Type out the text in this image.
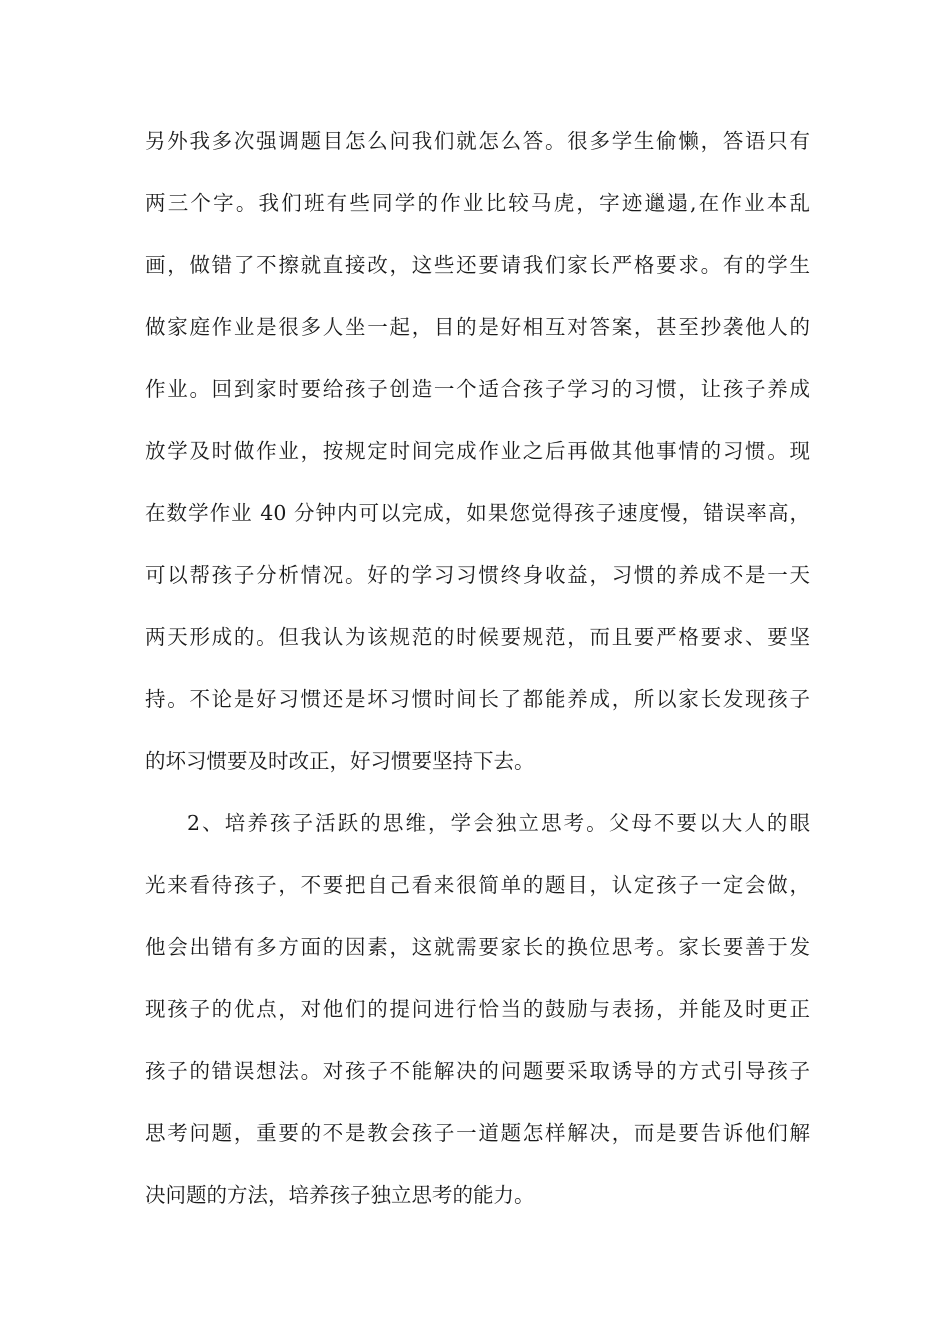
另外我多次强调题目怎么问我们就怎么答。很多学生偷懒，答语只有
两三个字。我们班有些同学的作业比较马虎，字迹邋遢,在作业本乱
画，做错了不擦就直接改，这些还要请我们家长严格要求。有的学生
做家庭作业是很多人坐一起，目的是好相互对答案，甚至抄袭他人的
作业。回到家时要给孩子创造一个适合孩子学习的习惯，让孩子养成
放学及时做作业，按规定时间完成作业之后再做其他事情的习惯。现
在数学作业 40 分钟内可以完成，如果您觉得孩子速度慢，错误率高，
可以帮孩子分析情况。好的学习习惯终身收益，习惯的养成不是一天
两天形成的。但我认为该规范的时候要规范，而且要严格要求、要坚
持。不论是好习惯还是坏习惯时间长了都能养成，所以家长发现孩子
的坏习惯要及时改正，好习惯要坚持下去。
2、培养孩子活跃的思维，学会独立思考。父母不要以大人的眼
光来看待孩子，不要把自己看来很简单的题目，认定孩子一定会做，
他会出错有多方面的因素，这就需要家长的换位思考。家长要善于发
现孩子的优点，对他们的提问进行恰当的鼓励与表扬，并能及时更正
孩子的错误想法。对孩子不能解决的问题要采取诱导的方式引导孩子
思考问题，重要的不是教会孩子一道题怎样解决，而是要告诉他们解
决问题的方法，培养孩子独立思考的能力。
